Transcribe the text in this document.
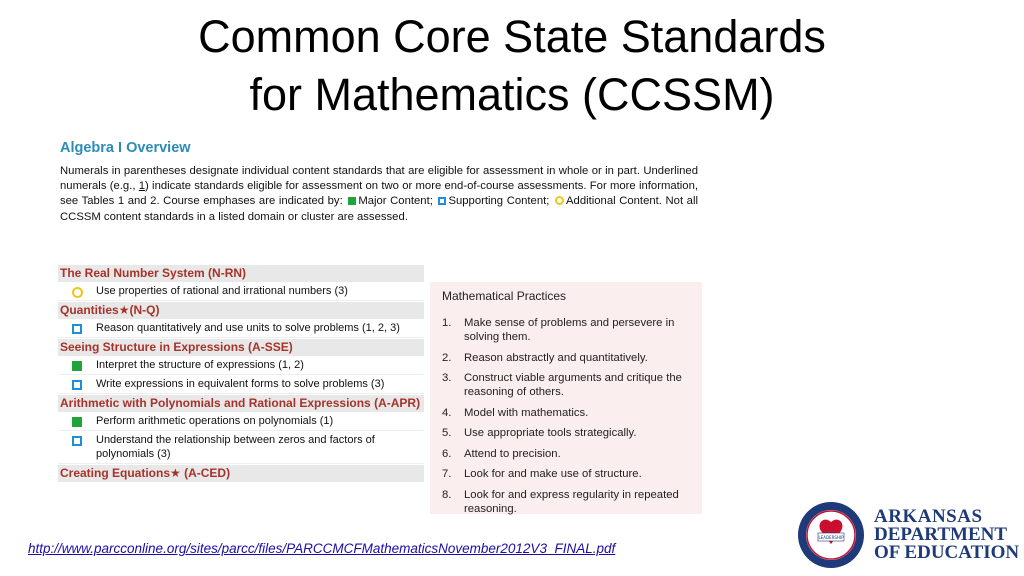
Common Core State Standards
for Mathematics (CCSSM)
Algebra I Overview
Numerals in parentheses designate individual content standards that are eligible for assessment in whole or in part. Underlined numerals (e.g., 1) indicate standards eligible for assessment on two or more end-of-course assessments. For more information, see Tables 1 and 2. Course emphases are indicated by: Major Content; Supporting Content; Additional Content. Not all CCSSM content standards in a listed domain or cluster are assessed.
The Real Number System (N-RN)
Use properties of rational and irrational numbers (3)
Quantities★(N-Q)
Reason quantitatively and use units to solve problems (1, 2, 3)
Seeing Structure in Expressions (A-SSE)
Interpret the structure of expressions (1, 2)
Write expressions in equivalent forms to solve problems (3)
Arithmetic with Polynomials and Rational Expressions (A-APR)
Perform arithmetic operations on polynomials (1)
Understand the relationship between zeros and factors of polynomials (3)
Creating Equations★ (A-CED)
Mathematical Practices
1.	Make sense of problems and persevere in solving them.
2.	Reason abstractly and quantitatively.
3.	Construct viable arguments and critique the reasoning of others.
4.	Model with mathematics.
5.	Use appropriate tools strategically.
6.	Attend to precision.
7.	Look for and make use of structure.
8.	Look for and express regularity in repeated reasoning.
http://www.parcconline.org/sites/parcc/files/PARCCMCFMathematicsNovember2012V3_FINAL.pdf
LEADERSHIP
ARKANSAS
DEPARTMENT
OF EDUCATION
